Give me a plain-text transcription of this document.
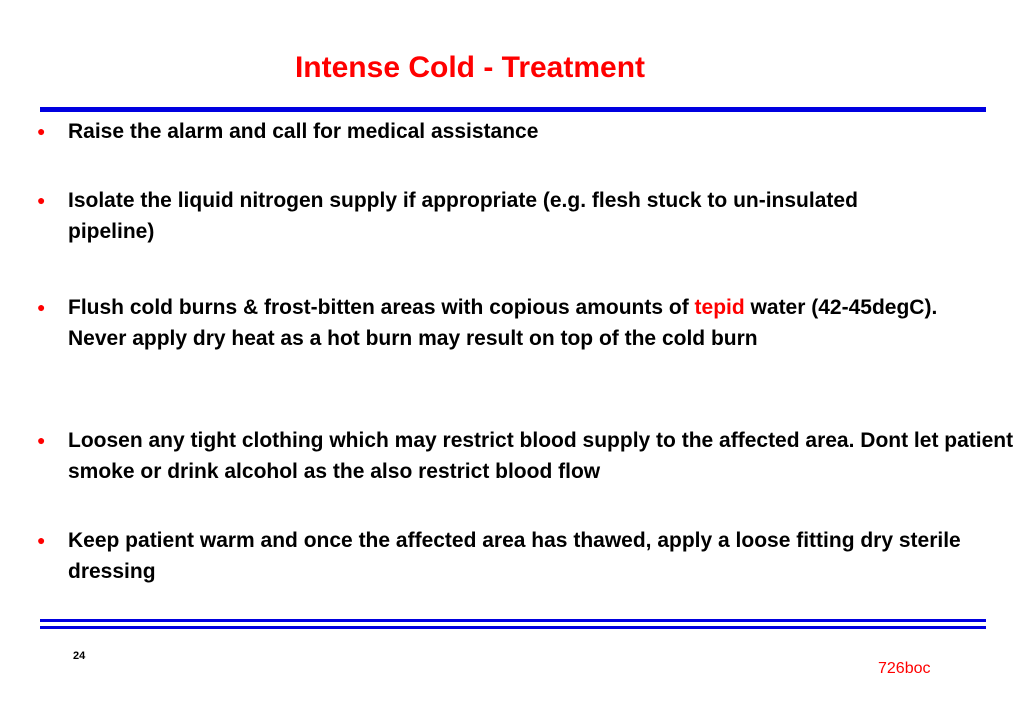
Intense Cold - Treatment
● Raise the alarm and call for medical assistance
● Isolate the liquid nitrogen supply if appropriate (e.g. flesh stuck to un-insulated pipeline)
● Flush cold burns & frost-bitten areas with copious amounts of tepid water (42-45degC). Never apply dry heat as a hot burn may result on top of the cold burn
● Loosen any tight clothing which may restrict blood supply to the affected area. Dont let patient smoke or drink alcohol as the also restrict blood flow
● Keep patient warm and once the affected area has thawed, apply a loose fitting dry sterile dressing
24
726boc
